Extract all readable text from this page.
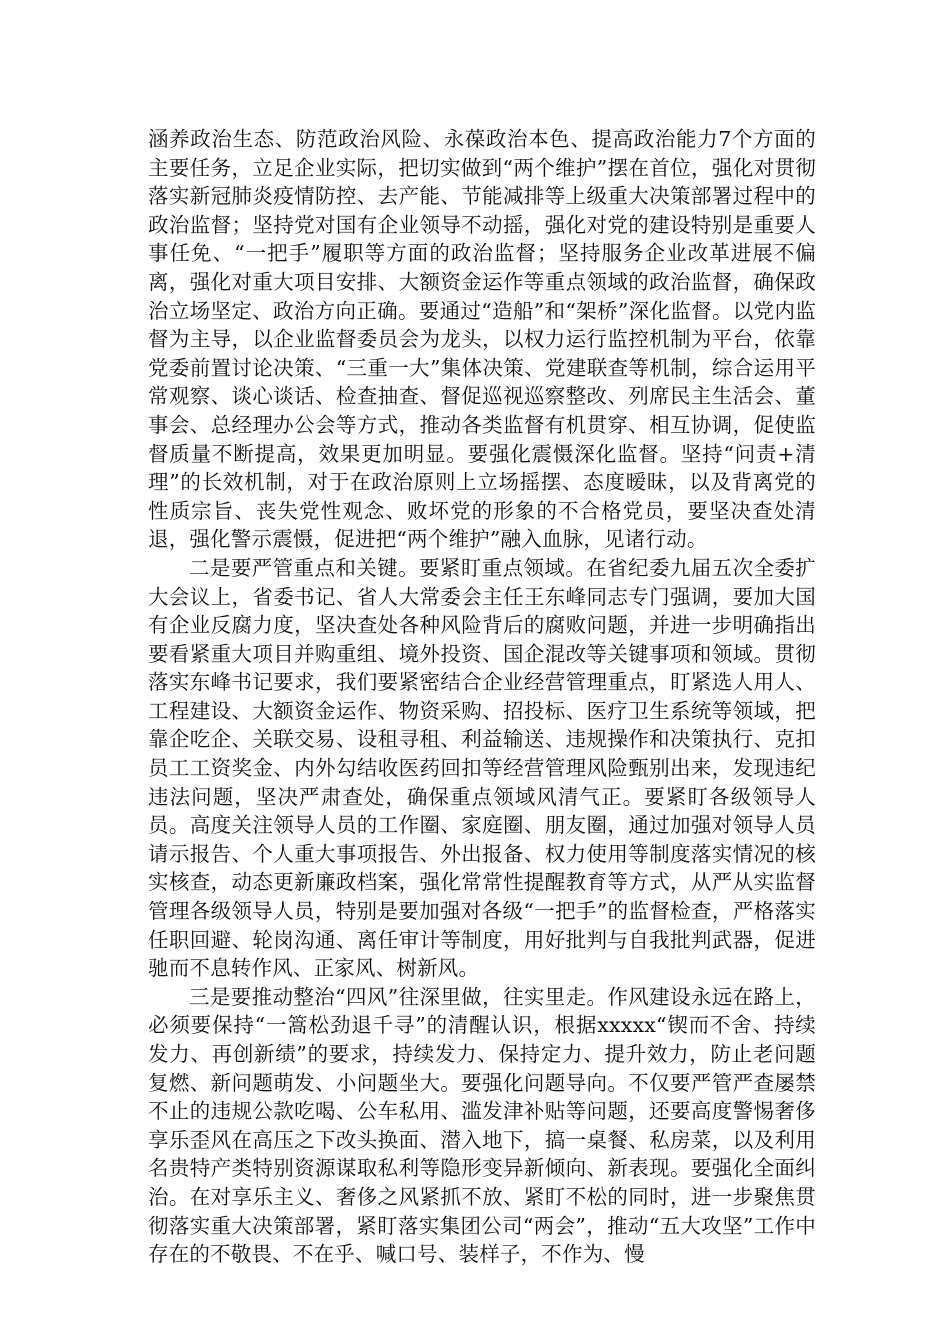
涵养政治生态、防范政治风险、永葆政治本色、提高政治能力7个方面的主要任务，立足企业实际，把切实做到“两个维护”摆在首位，强化对贯彻落实新冠肺炎疫情防控、去产能、节能减排等上级重大决策部署过程中的政治监督；坚持党对国有企业领导不动摇，强化对党的建设特别是重要人事任免、“一把手”履职等方面的政治监督；坚持服务企业改革进展不偏离，强化对重大项目安排、大额资金运作等重点领域的政治监督，确保政治立场坚定、政治方向正确。要通过“造船”和“架桥”深化监督。以党内监督为主导，以企业监督委员会为龙头，以权力运行监控机制为平台，依靠党委前置讨论决策、“三重一大”集体决策、党建联查等机制，综合运用平常观察、谈心谈话、检查抽查、督促巡视巡察整改、列席民主生活会、董事会、总经理办公会等方式，推动各类监督有机贯穿、相互协调，促使监督质量不断提高，效果更加明显。要强化震慑深化监督。坚持“问责+清理”的长效机制，对于在政治原则上立场摇摆、态度暧昧，以及背离党的性质宗旨、丧失党性观念、败坏党的形象的不合格党员，要坚决查处清退，强化警示震慑，促进把“两个维护”融入血脉，见诸行动。

二是要严管重点和关键。要紧盯重点领域。在省纪委九届五次全委扩大会议上，省委书记、省人大常委会主任王东峰同志专门强调，要加大国有企业反腐力度，坚决查处各种风险背后的腐败问题，并进一步明确指出要看紧重大项目并购重组、境外投资、国企混改等关键事项和领域。贯彻落实东峰书记要求，我们要紧密结合企业经营管理重点，盯紧选人用人、工程建设、大额资金运作、物资采购、招投标、医疗卫生系统等领域，把靠企吃企、关联交易、设租寻租、利益输送、违规操作和决策执行、克扣员工工资奖金、内外勾结收医药回扣等经营管理风险甄别出来，发现违纪违法问题，坚决严肃查处，确保重点领域风清气正。要紧盯各级领导人员。高度关注领导人员的工作圈、家庭圈、朋友圈，通过加强对领导人员请示报告、个人重大事项报告、外出报备、权力使用等制度落实情况的核实核查，动态更新廉政档案，强化常常性提醒教育等方式，从严从实监督管理各级领导人员，特别是要加强对各级“一把手”的监督检查，严格落实任职回避、轮岗沟通、离任审计等制度，用好批判与自我批判武器，促进驰而不息转作风、正家风、树新风。

三是要推动整治“四风”往深里做，往实里走。作风建设永远在路上，必须要保持“一篙松劲退千寻”的清醒认识，根据xxxxx“锲而不舍、持续发力、再创新绩”的要求，持续发力、保持定力、提升效力，防止老问题复燃、新问题萌发、小问题坐大。要强化问题导向。不仅要严管严查屡禁不止的违规公款吃喝、公车私用、滥发津补贴等问题，还要高度警惕奢侈享乐歪风在高压之下改头换面、潜入地下，搞一桌餐、私房菜，以及利用名贵特产类特别资源谋取私利等隐形变异新倾向、新表现。要强化全面纠治。在对享乐主义、奢侈之风紧抓不放、紧盯不松的同时，进一步聚焦贯彻落实重大决策部署，紧盯落实集团公司“两会”，推动“五大攻坚”工作中存在的不敬畏、不在乎、喊口号、装样子，不作为、慢
